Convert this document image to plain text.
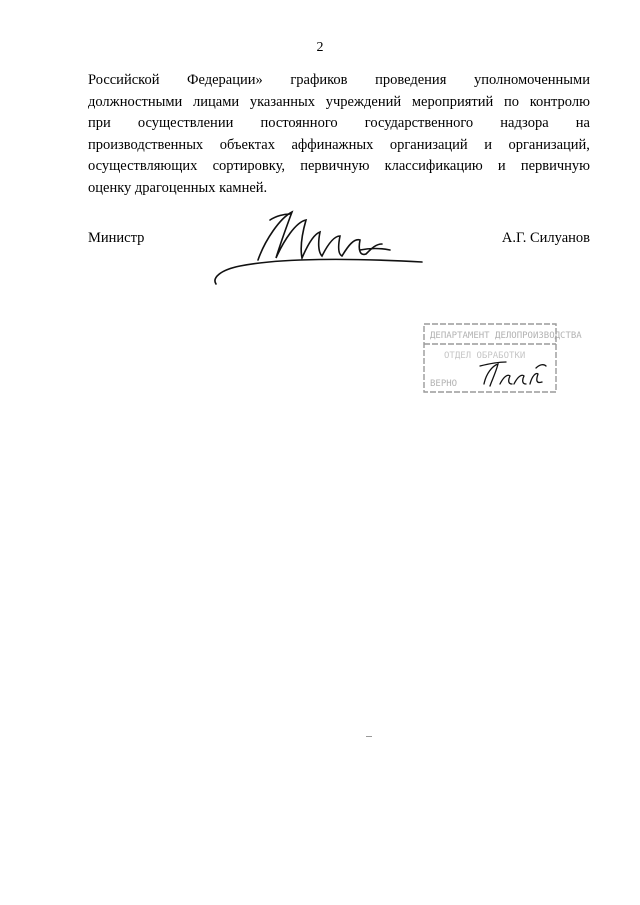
2
Российской Федерации» графиков проведения уполномоченными
должностными лицами указанных учреждений мероприятий по контролю
при осуществлении постоянного государственного надзора на
производственных объектах аффинажных организаций и организаций,
осуществляющих сортировку, первичную классификацию и первичную
оценку драгоценных камней.
Министр	А.Г. Силуанов
ДЕПАРТАМЕНТ ДЕЛОПРОИЗВОДСТВА
ОТДЕЛ ОБРАБОТКИ
ВЕРНО
